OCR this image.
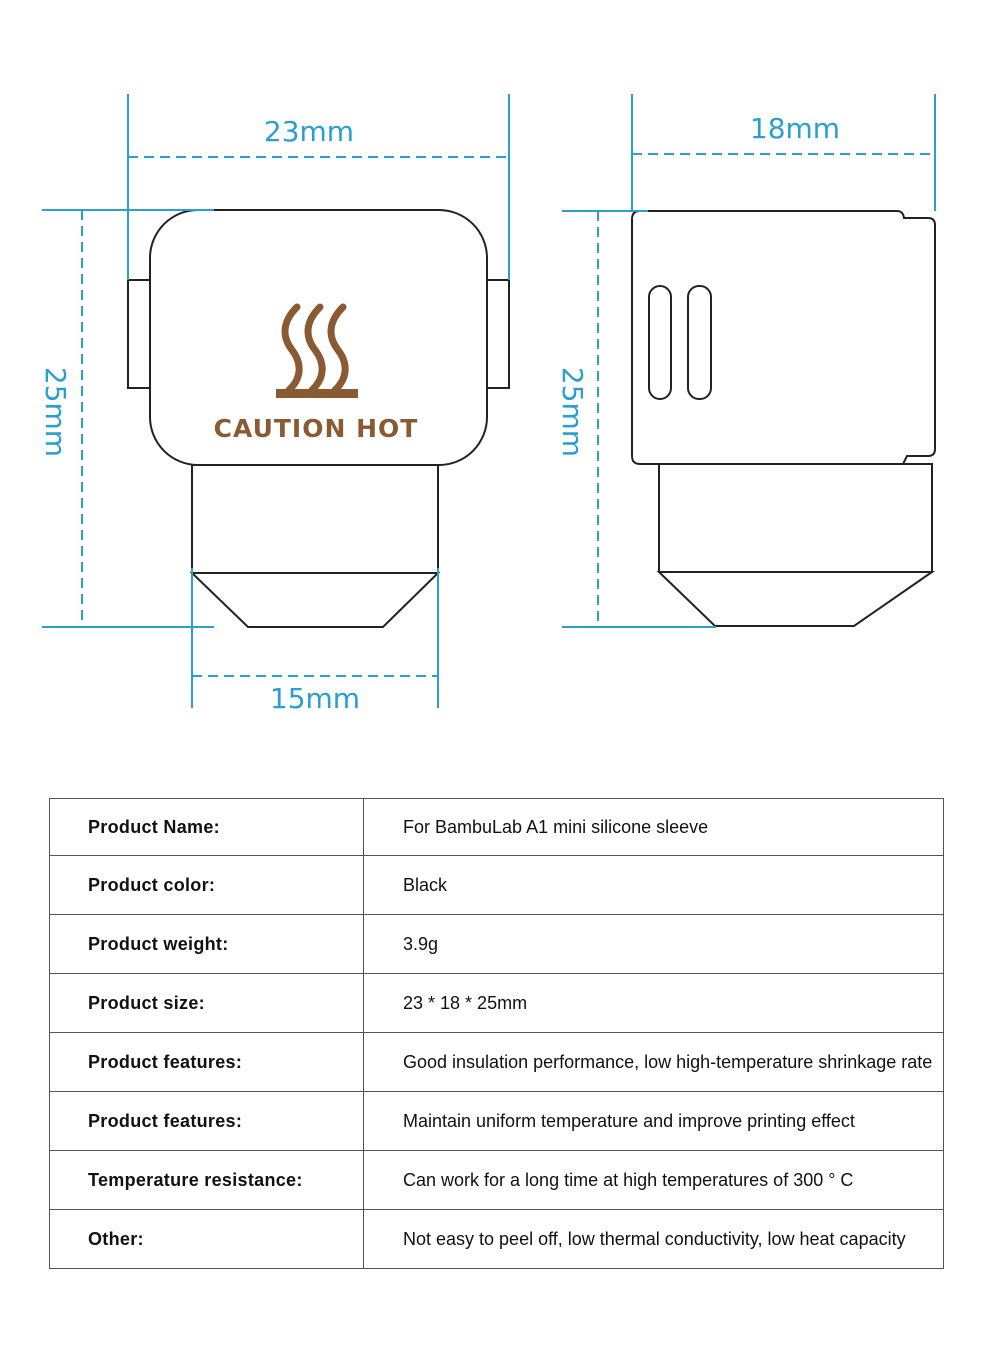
CAUTION HOT
23mm
15mm
25mm
18mm
25mm
Product Name:	For BambuLab A1 mini silicone sleeve
Product color:	Black
Product weight:	3.9g
Product size:	23 * 18 * 25mm
Product features:	Good insulation performance, low high-temperature shrinkage rate
Product features:	Maintain uniform temperature and improve printing effect
Temperature resistance:	Can work for a long time at high temperatures of 300 ° C
Other:	Not easy to peel off, low thermal conductivity, low heat capacity
